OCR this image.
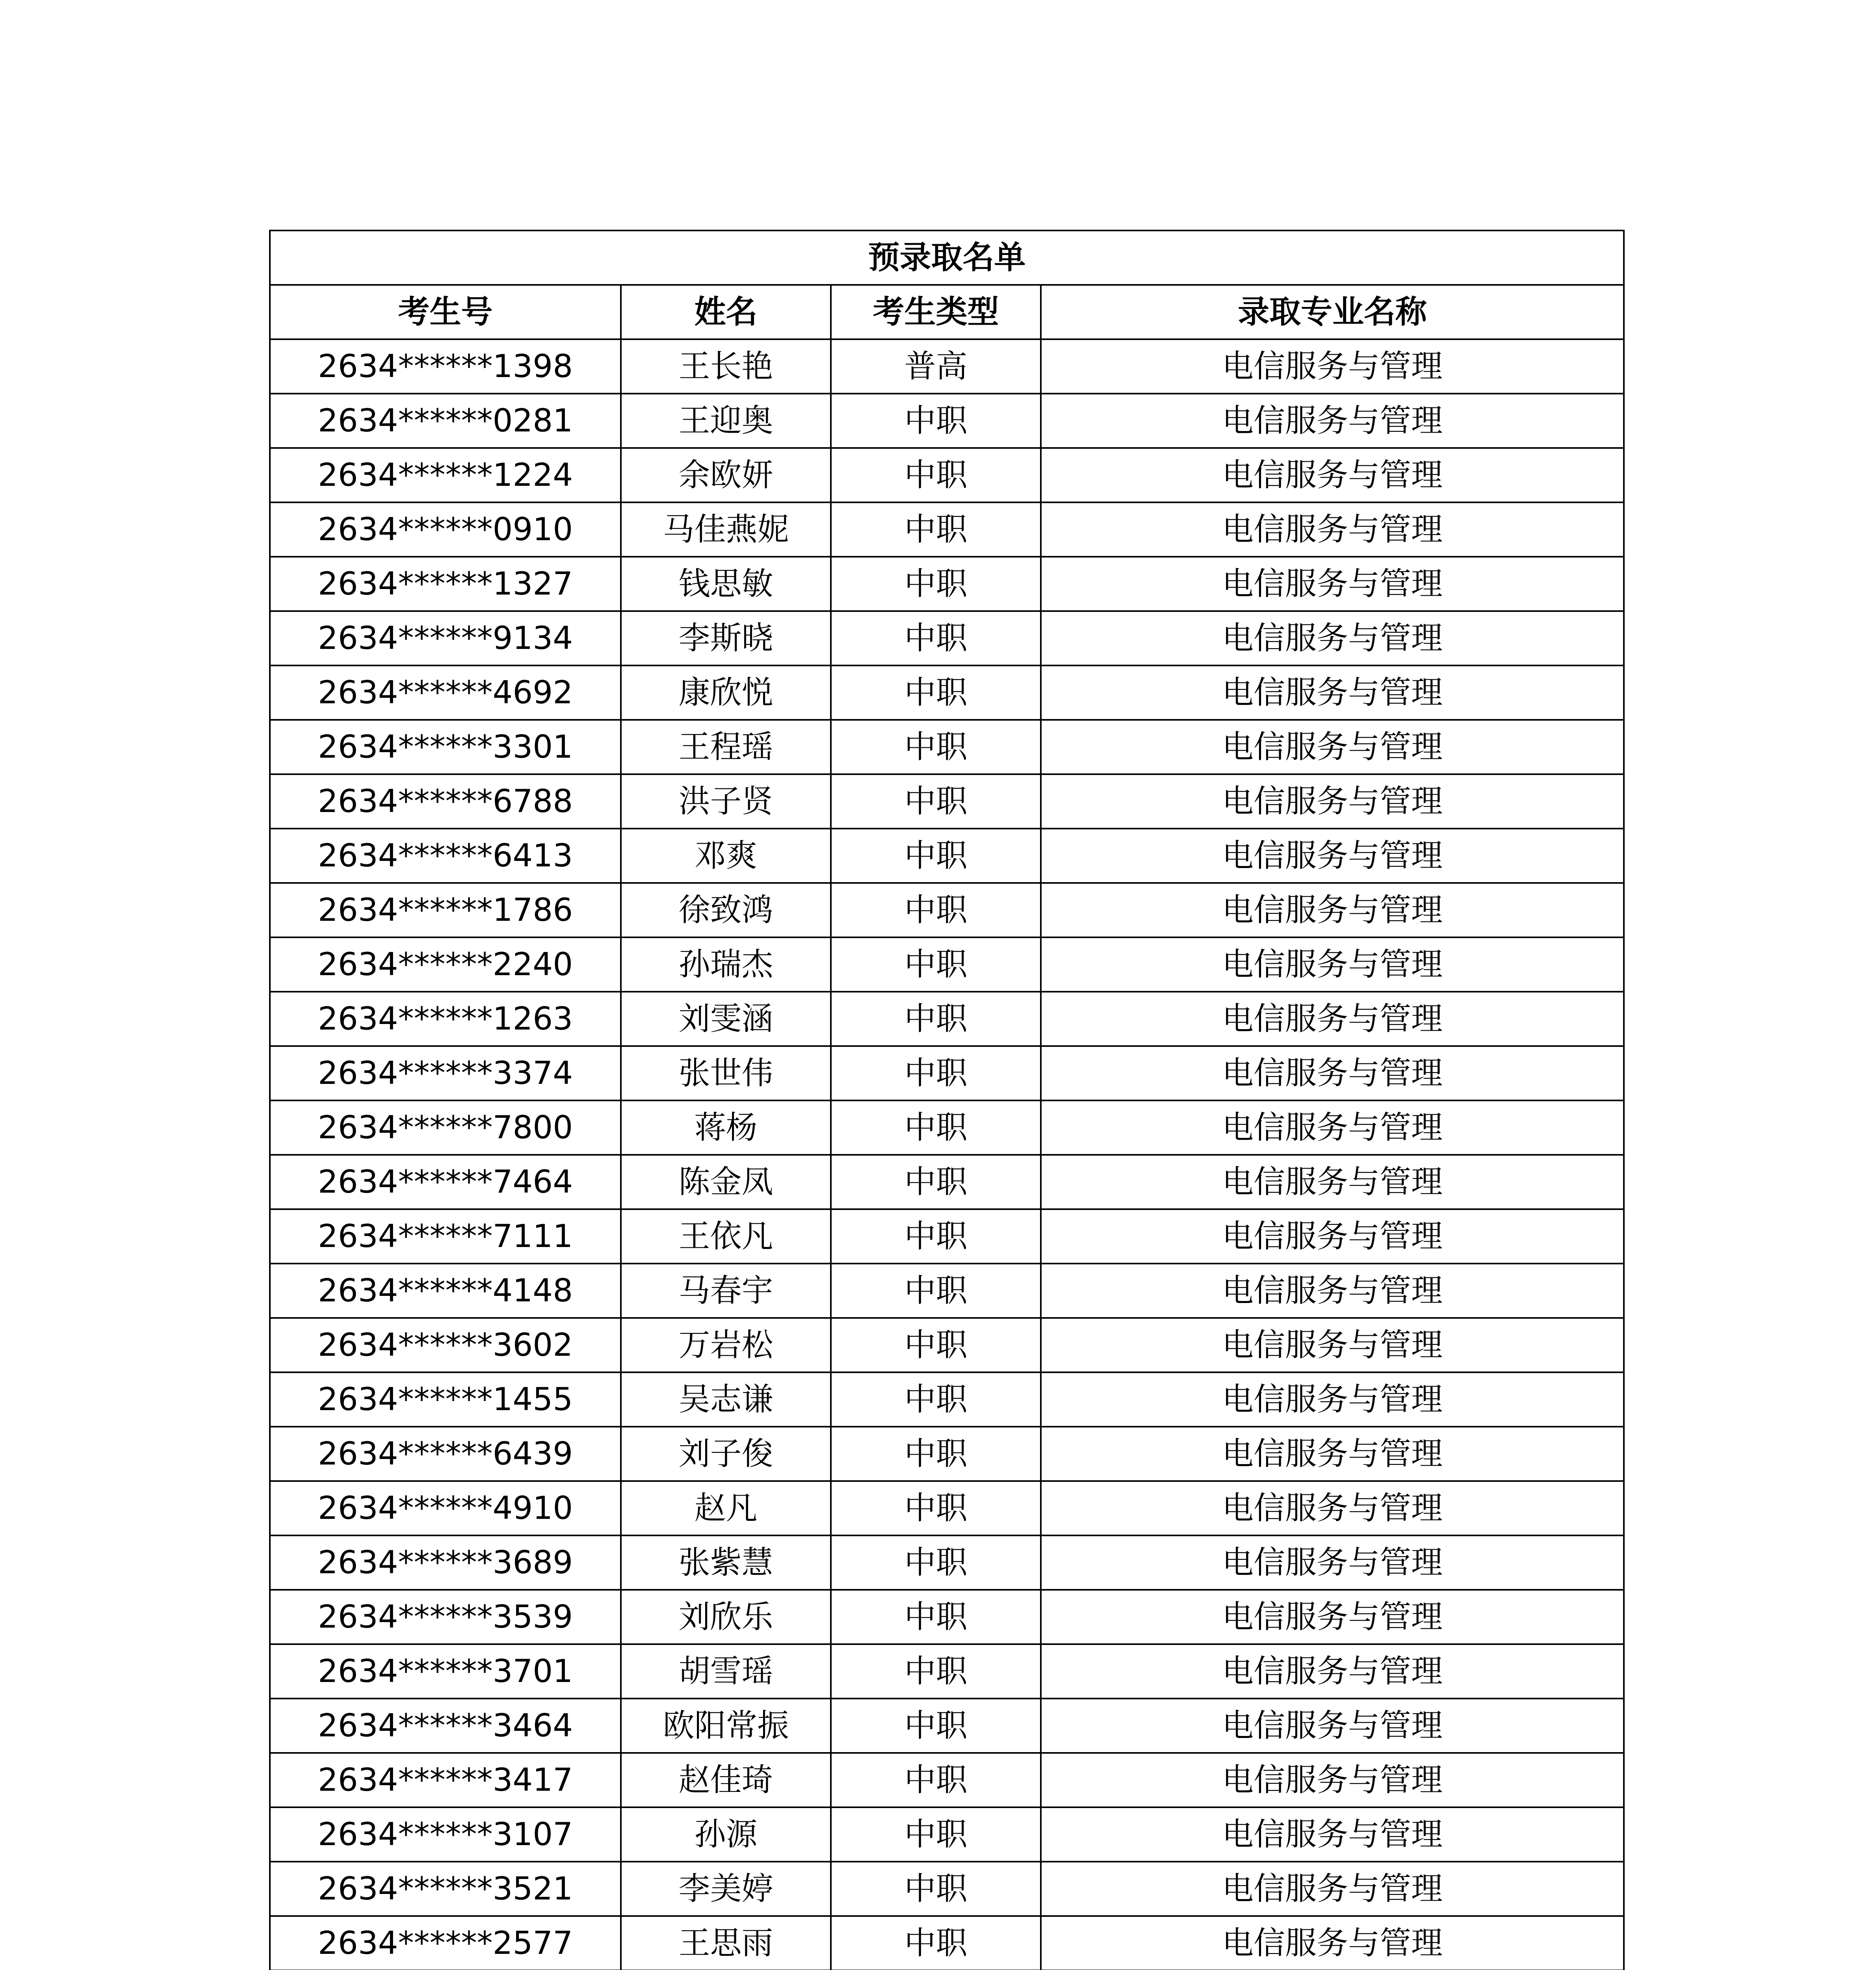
预录取名单			
考生号	姓名	考生类型	录取专业名称
2634******1398	王长艳	普高	电信服务与管理
2634******0281	王迎奥	中职	电信服务与管理
2634******1224	余欧妍	中职	电信服务与管理
2634******0910	马佳燕妮	中职	电信服务与管理
2634******1327	钱思敏	中职	电信服务与管理
2634******9134	李斯晓	中职	电信服务与管理
2634******4692	康欣悦	中职	电信服务与管理
2634******3301	王程瑶	中职	电信服务与管理
2634******6788	洪子贤	中职	电信服务与管理
2634******6413	邓爽	中职	电信服务与管理
2634******1786	徐致鸿	中职	电信服务与管理
2634******2240	孙瑞杰	中职	电信服务与管理
2634******1263	刘雯涵	中职	电信服务与管理
2634******3374	张世伟	中职	电信服务与管理
2634******7800	蒋杨	中职	电信服务与管理
2634******7464	陈金凤	中职	电信服务与管理
2634******7111	王依凡	中职	电信服务与管理
2634******4148	马春宇	中职	电信服务与管理
2634******3602	万岩松	中职	电信服务与管理
2634******1455	吴志谦	中职	电信服务与管理
2634******6439	刘子俊	中职	电信服务与管理
2634******4910	赵凡	中职	电信服务与管理
2634******3689	张紫慧	中职	电信服务与管理
2634******3539	刘欣乐	中职	电信服务与管理
2634******3701	胡雪瑶	中职	电信服务与管理
2634******3464	欧阳常振	中职	电信服务与管理
2634******3417	赵佳琦	中职	电信服务与管理
2634******3107	孙源	中职	电信服务与管理
2634******3521	李美婷	中职	电信服务与管理
2634******2577	王思雨	中职	电信服务与管理
